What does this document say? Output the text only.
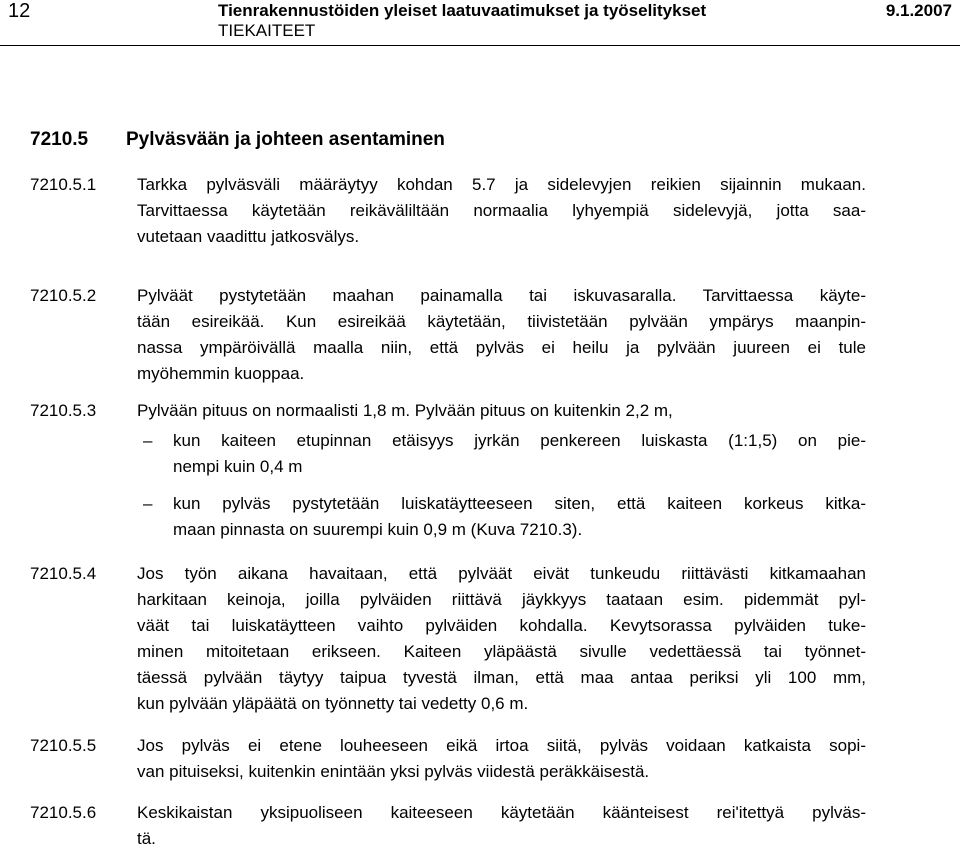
12	Tienrakennustöiden yleiset laatuvaatimukset ja työselitykset
TIEKAITEET
9.1.2007
7210.5 Pylväsvään ja johteen asentaminen
7210.5.1 Tarkka pylväsväli määräytyy kohdan 5.7 ja sidelevyjen reikien sijainnin mukaan.
Tarvittaessa käytetään reikäväliltään normaalia lyhyempiä sidelevyjä, jotta saa-
vutetaan vaadittu jatkosvälys.
7210.5.2 Pylväät pystytetään maahan painamalla tai iskuvasaralla. Tarvittaessa käyte-
tään esireikää. Kun esireikää käytetään, tiivistetään pylvään ympärys maanpin-
nassa ympäröivällä maalla niin, että pylväs ei heilu ja pylvään juureen ei tule
myöhemmin kuoppaa.
7210.5.3 Pylvään pituus on normaalisti 1,8 m. Pylvään pituus on kuitenkin 2,2 m,
– kun kaiteen etupinnan etäisyys jyrkän penkereen luiskasta (1:1,5) on pie-
nempi kuin 0,4 m
– kun pylväs pystytetään luiskatäytteeseen siten, että kaiteen korkeus kitka-
maan pinnasta on suurempi kuin 0,9 m (Kuva 7210.3).
7210.5.4 Jos työn aikana havaitaan, että pylväät eivät tunkeudu riittävästi kitkamaahan
harkitaan keinoja, joilla pylväiden riittävä jäykkyys taataan esim. pidemmät pyl-
väät tai luiskatäytteen vaihto pylväiden kohdalla. Kevytsorassa pylväiden tuke-
minen mitoitetaan erikseen. Kaiteen yläpäästä sivulle vedettäessä tai työnnet-
täessä pylvään täytyy taipua tyvestä ilman, että maa antaa periksi yli 100 mm,
kun pylvään yläpäätä on työnnetty tai vedetty 0,6 m.
7210.5.5 Jos pylväs ei etene louheeseen eikä irtoa siitä, pylväs voidaan katkaista sopi-
van pituiseksi, kuitenkin enintään yksi pylväs viidestä peräkkäisestä.
7210.5.6 Keskikaistan yksipuoliseen kaiteeseen käytetään käänteisest rei'itettyä pylväs-
tä.
